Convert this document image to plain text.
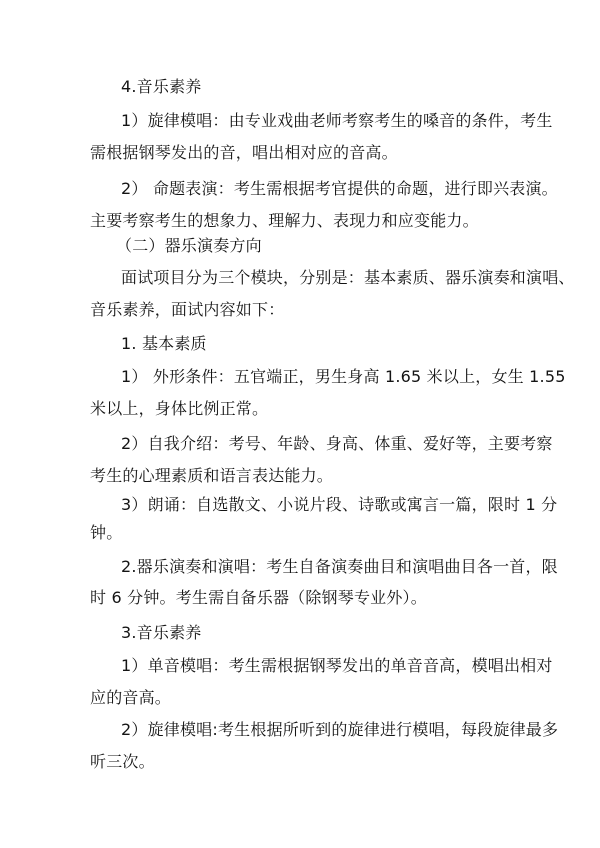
4.音乐素养
1）旋律模唱：由专业戏曲老师考察考生的嗓音的条件，考生
需根据钢琴发出的音，唱出相对应的音高。
2） 命题表演：考生需根据考官提供的命题，进行即兴表演。
主要考察考生的想象力、理解力、表现力和应变能力。
（二）器乐演奏方向
面试项目分为三个模块，分别是：基本素质、器乐演奏和演唱、
音乐素养，面试内容如下：
1. 基本素质
1） 外形条件：五官端正，男生身高 1.65 米以上，女生 1.55
米以上，身体比例正常。
2）自我介绍：考号、年龄、身高、体重、爱好等，主要考察
考生的心理素质和语言表达能力。
3）朗诵：自选散文、小说片段、诗歌或寓言一篇，限时 1 分
钟。
2.器乐演奏和演唱：考生自备演奏曲目和演唱曲目各一首，限
时 6 分钟。考生需自备乐器（除钢琴专业外）。
3.音乐素养
1）单音模唱：考生需根据钢琴发出的单音音高，模唱出相对
应的音高。
2）旋律模唱:考生根据所听到的旋律进行模唱，每段旋律最多
听三次。
